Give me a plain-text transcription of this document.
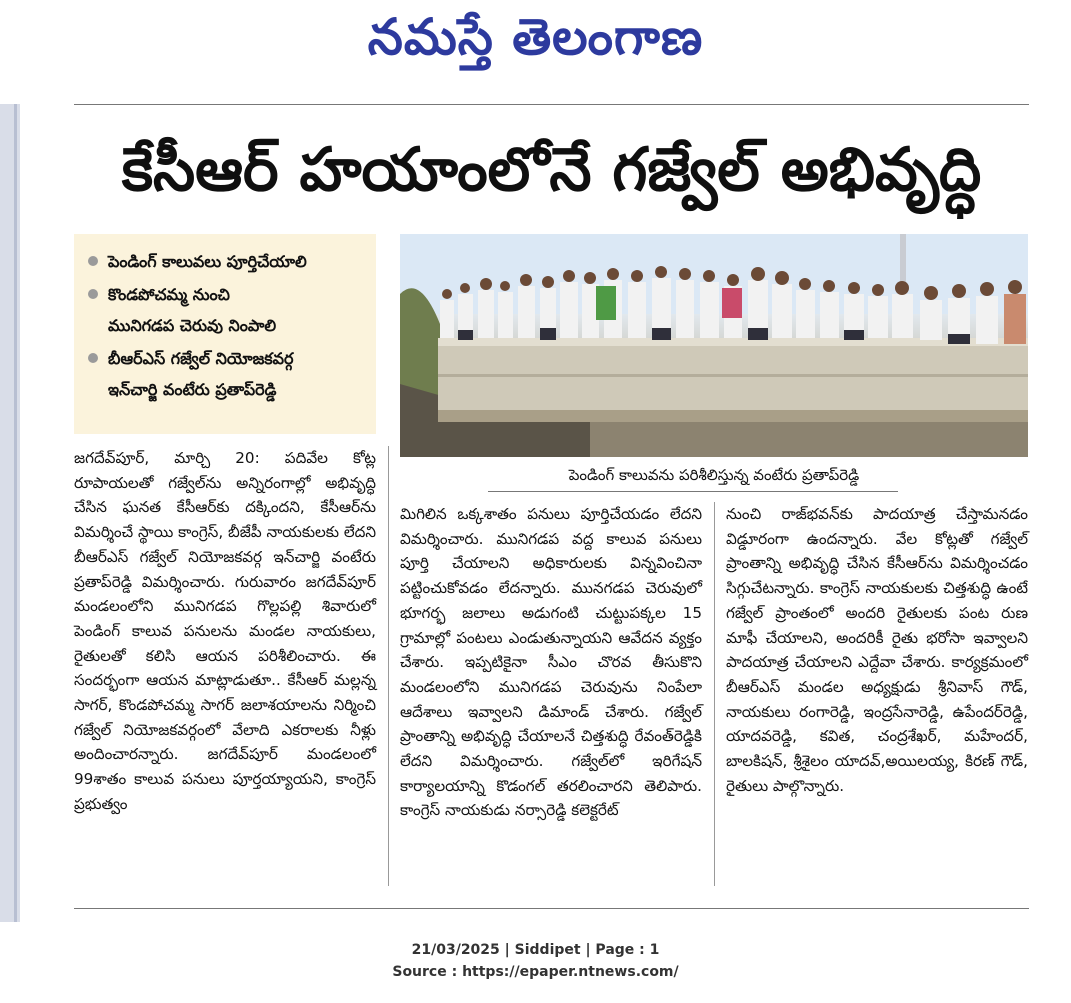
నమస్తే తెలంగాణ
కేసీఆర్ హయాంలోనే గజ్వేల్ అభివృద్ధి
పెండింగ్ కాలువలు పూర్తిచేయాలి
కొండపోచమ్మ నుంచి
మునిగడప చెరువు నింపాలి
బీఆర్ఎస్ గజ్వేల్ నియోజకవర్గ
ఇన్‌చార్జి వంటేరు ప్రతాప్‌రెడ్డి
పెండింగ్ కాలువను పరిశీలిస్తున్న వంటేరు ప్రతాప్‌రెడ్డి
జగదేవ్‌పూర్, మార్చి 20: పదివేల కోట్ల రూపాయలతో గజ్వేల్‌ను అన్నిరంగాల్లో అభివృద్ధి చేసిన ఘనత కేసీఆర్‌కు దక్కిందని, కేసీఆర్‌ను విమర్శించే స్థాయి కాంగ్రెస్, బీజేపీ నాయకులకు లేదని బీఆర్ఎస్ గజ్వేల్ నియోజకవర్గ ఇన్‌చార్జి వంటేరు ప్రతాప్‌రెడ్డి విమర్శించారు. గురువారం జగదేవ్‌పూర్ మండలంలోని మునిగడప గొల్లపల్లి శివారులో పెండింగ్ కాలువ పనులను మండల నాయకులు, రైతులతో కలిసి ఆయన పరిశీలించారు. ఈ సందర్భంగా ఆయన మాట్లాడుతూ.. కేసీఆర్ మల్లన్న సాగర్, కొండపోచమ్మ సాగర్ జలాశయాలను నిర్మించి గజ్వేల్ నియోజకవర్గంలో వేలాది ఎకరాలకు నీళ్లు అందించారన్నారు. జగదేవ్‌పూర్ మండలంలో 99శాతం కాలువ పనులు పూర్తయ్యాయని, కాంగ్రెస్ ప్రభుత్వం
మిగిలిన ఒక్కశాతం పనులు పూర్తిచేయడం లేదని విమర్శించారు. మునిగడప వద్ద కాలువ పనులు పూర్తి చేయాలని అధికారులకు విన్నవించినా పట్టించుకోవడం లేదన్నారు. మునగడప చెరువులో భూగర్భ జలాలు అడుగంటి చుట్టుపక్కల 15 గ్రామాల్లో పంటలు ఎండుతున్నాయని ఆవేదన వ్యక్తం చేశారు. ఇప్పటికైనా సీఎం చొరవ తీసుకొని మండలంలోని మునిగడప చెరువును నింపేలా ఆదేశాలు ఇవ్వాలని డిమాండ్ చేశారు. గజ్వేల్ ప్రాంతాన్ని అభివృద్ధి చేయాలనే చిత్తశుద్ధి రేవంత్‌రెడ్డికి లేదని విమర్శించారు. గజ్వేల్‌లో ఇరిగేషన్ కార్యాలయాన్ని కొడంగల్ తరలించారని తెలిపారు. కాంగ్రెస్ నాయకుడు నర్సారెడ్డి కలెక్టరేట్
నుంచి రాజ్‌భవన్‌కు పాదయాత్ర చేస్తామనడం విడ్డూరంగా ఉందన్నారు. వేల కోట్లతో గజ్వేల్ ప్రాంతాన్ని అభివృద్ధి చేసిన కేసీఆర్‌ను విమర్శించడం సిగ్గుచేటన్నారు. కాంగ్రెస్ నాయకులకు చిత్తశుద్ధి ఉంటే గజ్వేల్ ప్రాంతంలో అందరి రైతులకు పంట రుణ మాఫీ చేయాలని, అందరికీ రైతు భరోసా ఇవ్వాలని పాదయాత్ర చేయాలని ఎద్దేవా చేశారు. కార్యక్రమంలో బీఆర్ఎస్ మండల అధ్యక్షుడు శ్రీనివాస్ గౌడ్, నాయకులు రంగారెడ్డి, ఇంద్రసేనారెడ్డి, ఉపేందర్‌రెడ్డి, యాదవరెడ్డి, కవిత, చంద్రశేఖర్, మహేందర్, బాలకిషన్, శ్రీశైలం యాదవ్,అయిలయ్య, కిరణ్ గౌడ్, రైతులు పాల్గొన్నారు.
21/03/2025 | Siddipet | Page : 1
Source : https://epaper.ntnews.com/
